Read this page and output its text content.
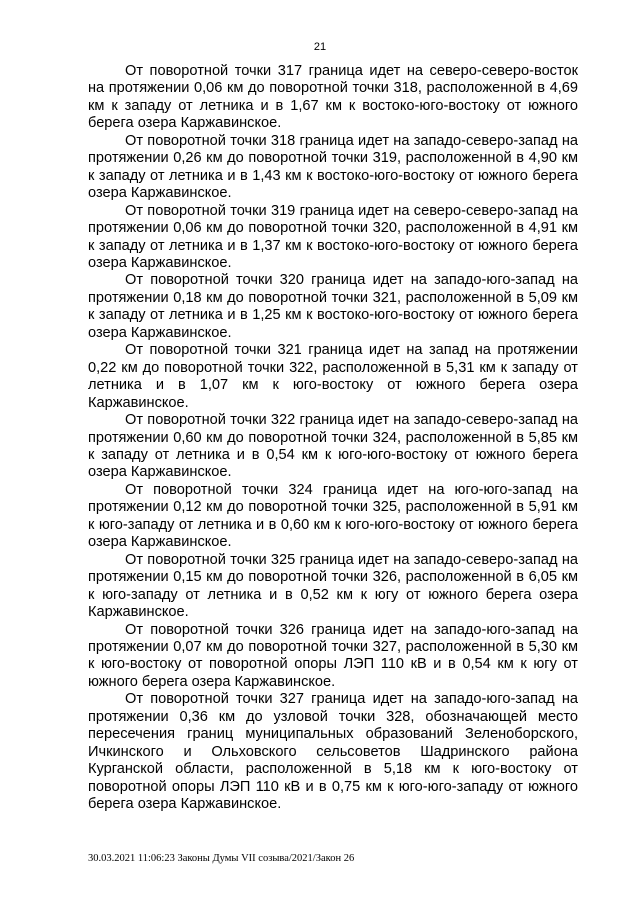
21

От поворотной точки 317 граница идет на северо-северо-восток на протяжении 0,06 км до поворотной точки 318, расположенной в 4,69 км к западу от летника и в 1,67 км к востоко-юго-востоку от южного берега озера Каржавинское.

От поворотной точки 318 граница идет на западо-северо-запад на протяжении 0,26 км до поворотной точки 319, расположенной в 4,90 км к западу от летника и в 1,43 км к востоко-юго-востоку от южного берега озера Каржавинское.

От поворотной точки 319 граница идет на северо-северо-запад на протяжении 0,06 км до поворотной точки 320, расположенной в 4,91 км к западу от летника и в 1,37 км к востоко-юго-востоку от южного берега озера Каржавинское.

От поворотной точки 320 граница идет на западо-юго-запад на протяжении 0,18 км до поворотной точки 321, расположенной в 5,09 км к западу от летника и в 1,25 км к востоко-юго-востоку от южного берега озера Каржавинское.

От поворотной точки 321 граница идет на запад на протяжении 0,22 км до поворотной точки 322, расположенной в 5,31 км к западу от летника и в 1,07 км к юго-востоку от южного берега озера Каржавинское.

От поворотной точки 322 граница идет на западо-северо-запад на протяжении 0,60 км до поворотной точки 324, расположенной в 5,85 км к западу от летника и в 0,54 км к юго-юго-востоку от южного берега озера Каржавинское.

От поворотной точки 324 граница идет на юго-юго-запад на протяжении 0,12 км до поворотной точки 325, расположенной в 5,91 км к юго-западу от летника и в 0,60 км к юго-юго-востоку от южного берега озера Каржавинское.

От поворотной точки 325 граница идет на западо-северо-запад на протяжении 0,15 км до поворотной точки 326, расположенной в 6,05 км к юго-западу от летника и в 0,52 км к югу от южного берега озера Каржавинское.

От поворотной точки 326 граница идет на западо-юго-запад на протяжении 0,07 км до поворотной точки 327, расположенной в 5,30 км к юго-востоку от поворотной опоры ЛЭП 110 кВ и в 0,54 км к югу от южного берега озера Каржавинское.

От поворотной точки 327 граница идет на западо-юго-запад на протяжении 0,36 км до узловой точки 328, обозначающей место пересечения границ муниципальных образований Зеленоборского, Ичкинского и Ольховского сельсоветов Шадринского района Курганской области, расположенной в 5,18 км к юго-востоку от поворотной опоры ЛЭП 110 кВ и в 0,75 км к юго-юго-западу от южного берега озера Каржавинское.

30.03.2021 11:06:23 Законы Думы VII созыва/2021/Закон 26
